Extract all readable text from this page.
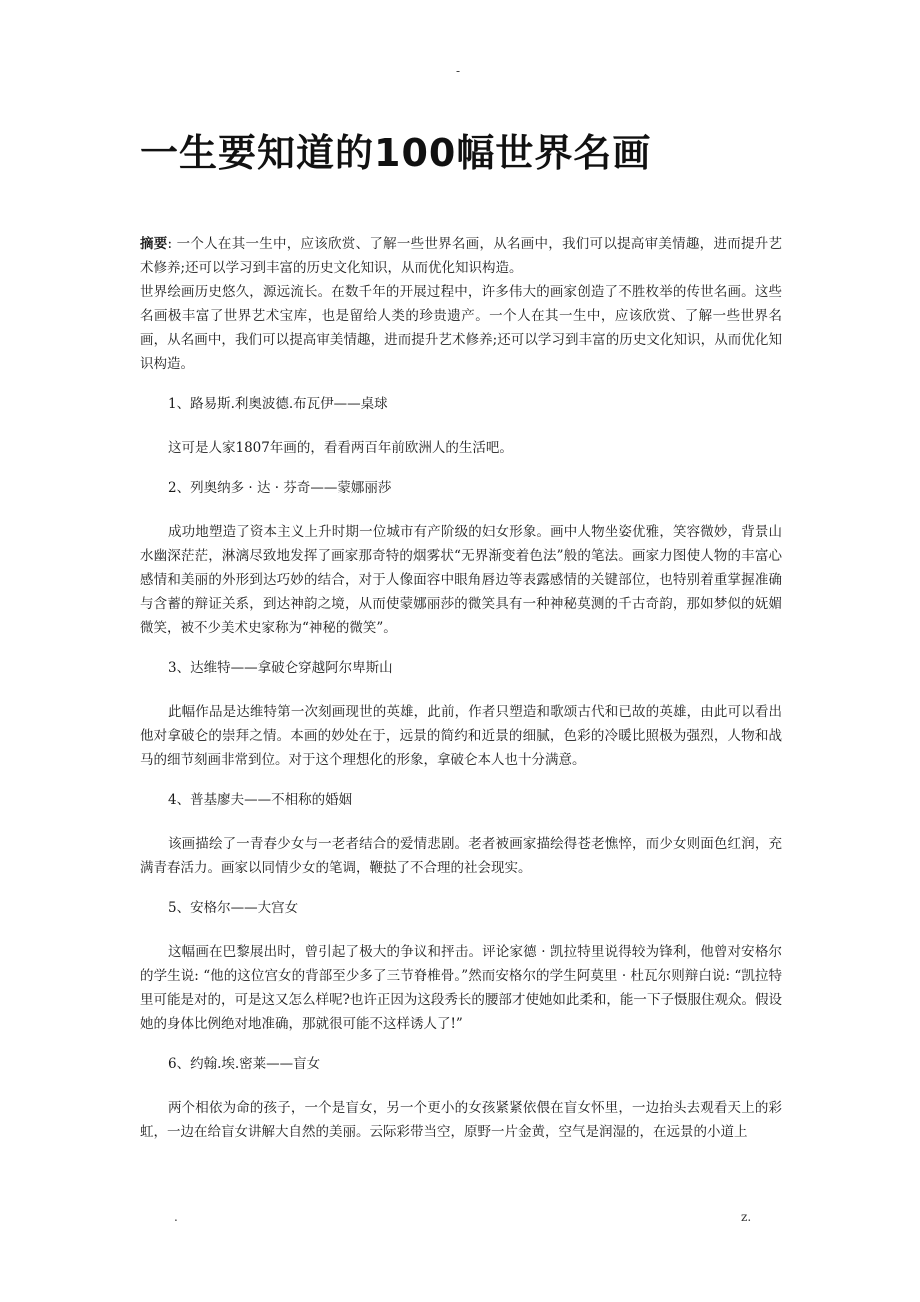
-
一生要知道的100幅世界名画

摘要: 一个人在其一生中，应该欣赏、了解一些世界名画，从名画中，我们可以提高审美情趣，进而提升艺术修养;还可以学习到丰富的历史文化知识，从而优化知识构造。

世界绘画历史悠久，源远流长。在数千年的开展过程中，许多伟大的画家创造了不胜枚举的传世名画。这些名画极丰富了世界艺术宝库，也是留给人类的珍贵遗产。一个人在其一生中，应该欣赏、了解一些世界名画，从名画中，我们可以提高审美情趣，进而提升艺术修养;还可以学习到丰富的历史文化知识，从而优化知识构造。

1、路易斯.利奥波德.布瓦伊——桌球

这可是人家1807年画的，看看两百年前欧洲人的生活吧。

2、列奥纳多 · 达 · 芬奇——蒙娜丽莎

成功地塑造了资本主义上升时期一位城市有产阶级的妇女形象。画中人物坐姿优雅，笑容微妙，背景山水幽深茫茫，淋漓尽致地发挥了画家那奇特的烟雾状“无界渐变着色法”般的笔法。画家力图使人物的丰富心感情和美丽的外形到达巧妙的结合，对于人像面容中眼角唇边等表露感情的关键部位，也特别着重掌握准确与含蓄的辩证关系，到达神韵之境，从而使蒙娜丽莎的微笑具有一种神秘莫测的千古奇韵，那如梦似的妩媚微笑，被不少美术史家称为“神秘的微笑”。

3、达维特——拿破仑穿越阿尔卑斯山

此幅作品是达维特第一次刻画现世的英雄，此前，作者只塑造和歌颂古代和已故的英雄，由此可以看出他对拿破仑的崇拜之情。本画的妙处在于，远景的简约和近景的细腻，色彩的冷暖比照极为强烈，人物和战马的细节刻画非常到位。对于这个理想化的形象，拿破仑本人也十分满意。

4、普基廖夫——不相称的婚姻

该画描绘了一青春少女与一老者结合的爱情悲剧。老者被画家描绘得苍老憔悴，而少女则面色红润，充满青春活力。画家以同情少女的笔调，鞭挞了不合理的社会现实。

5、安格尔——大宫女

这幅画在巴黎展出时，曾引起了极大的争议和抨击。评论家德 · 凯拉特里说得较为锋利，他曾对安格尔的学生说: “他的这位宫女的背部至少多了三节脊椎骨。”然而安格尔的学生阿莫里 · 杜瓦尔则辩白说: “凯拉特里可能是对的，可是这又怎么样呢?也许正因为这段秀长的腰部才使她如此柔和，能一下子慑服住观众。假设她的身体比例绝对地准确，那就很可能不这样诱人了!”

6、约翰.埃.密莱——盲女

两个相依为命的孩子，一个是盲女，另一个更小的女孩紧紧依偎在盲女怀里，一边抬头去观看天上的彩虹，一边在给盲女讲解大自然的美丽。云际彩带当空，原野一片金黄，空气是润湿的，在远景的小道上

.	z.
